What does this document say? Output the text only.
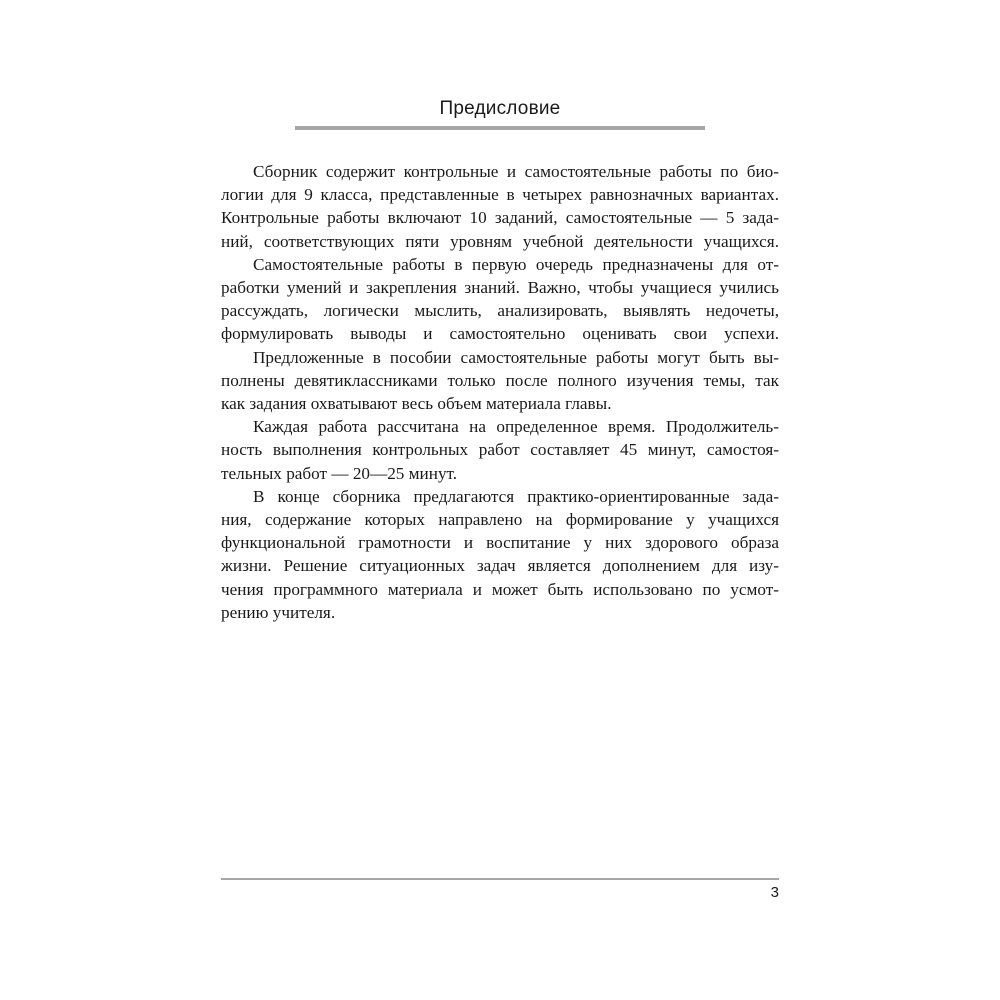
Предисловие
Сборник содержит контрольные и самостоятельные работы по био-
логии для 9 класса, представленные в четырех равнозначных вариантах.
Контрольные работы включают 10 заданий, самостоятельные — 5 зада-
ний, соответствующих пяти уровням учебной деятельности учащихся.
Самостоятельные работы в первую очередь предназначены для от-
работки умений и закрепления знаний. Важно, чтобы учащиеся учились
рассуждать, логически мыслить, анализировать, выявлять недочеты,
формулировать выводы и самостоятельно оценивать свои успехи.
Предложенные в пособии самостоятельные работы могут быть вы-
полнены девятиклассниками только после полного изучения темы, так
как задания охватывают весь объем материала главы.
Каждая работа рассчитана на определенное время. Продолжитель-
ность выполнения контрольных работ составляет 45 минут, самостоя-
тельных работ — 20—25 минут.
В конце сборника предлагаются практико-ориентированные зада-
ния, содержание которых направлено на формирование у учащихся
функциональной грамотности и воспитание у них здорового образа
жизни. Решение ситуационных задач является дополнением для изу-
чения программного материала и может быть использовано по усмот-
рению учителя.
3
